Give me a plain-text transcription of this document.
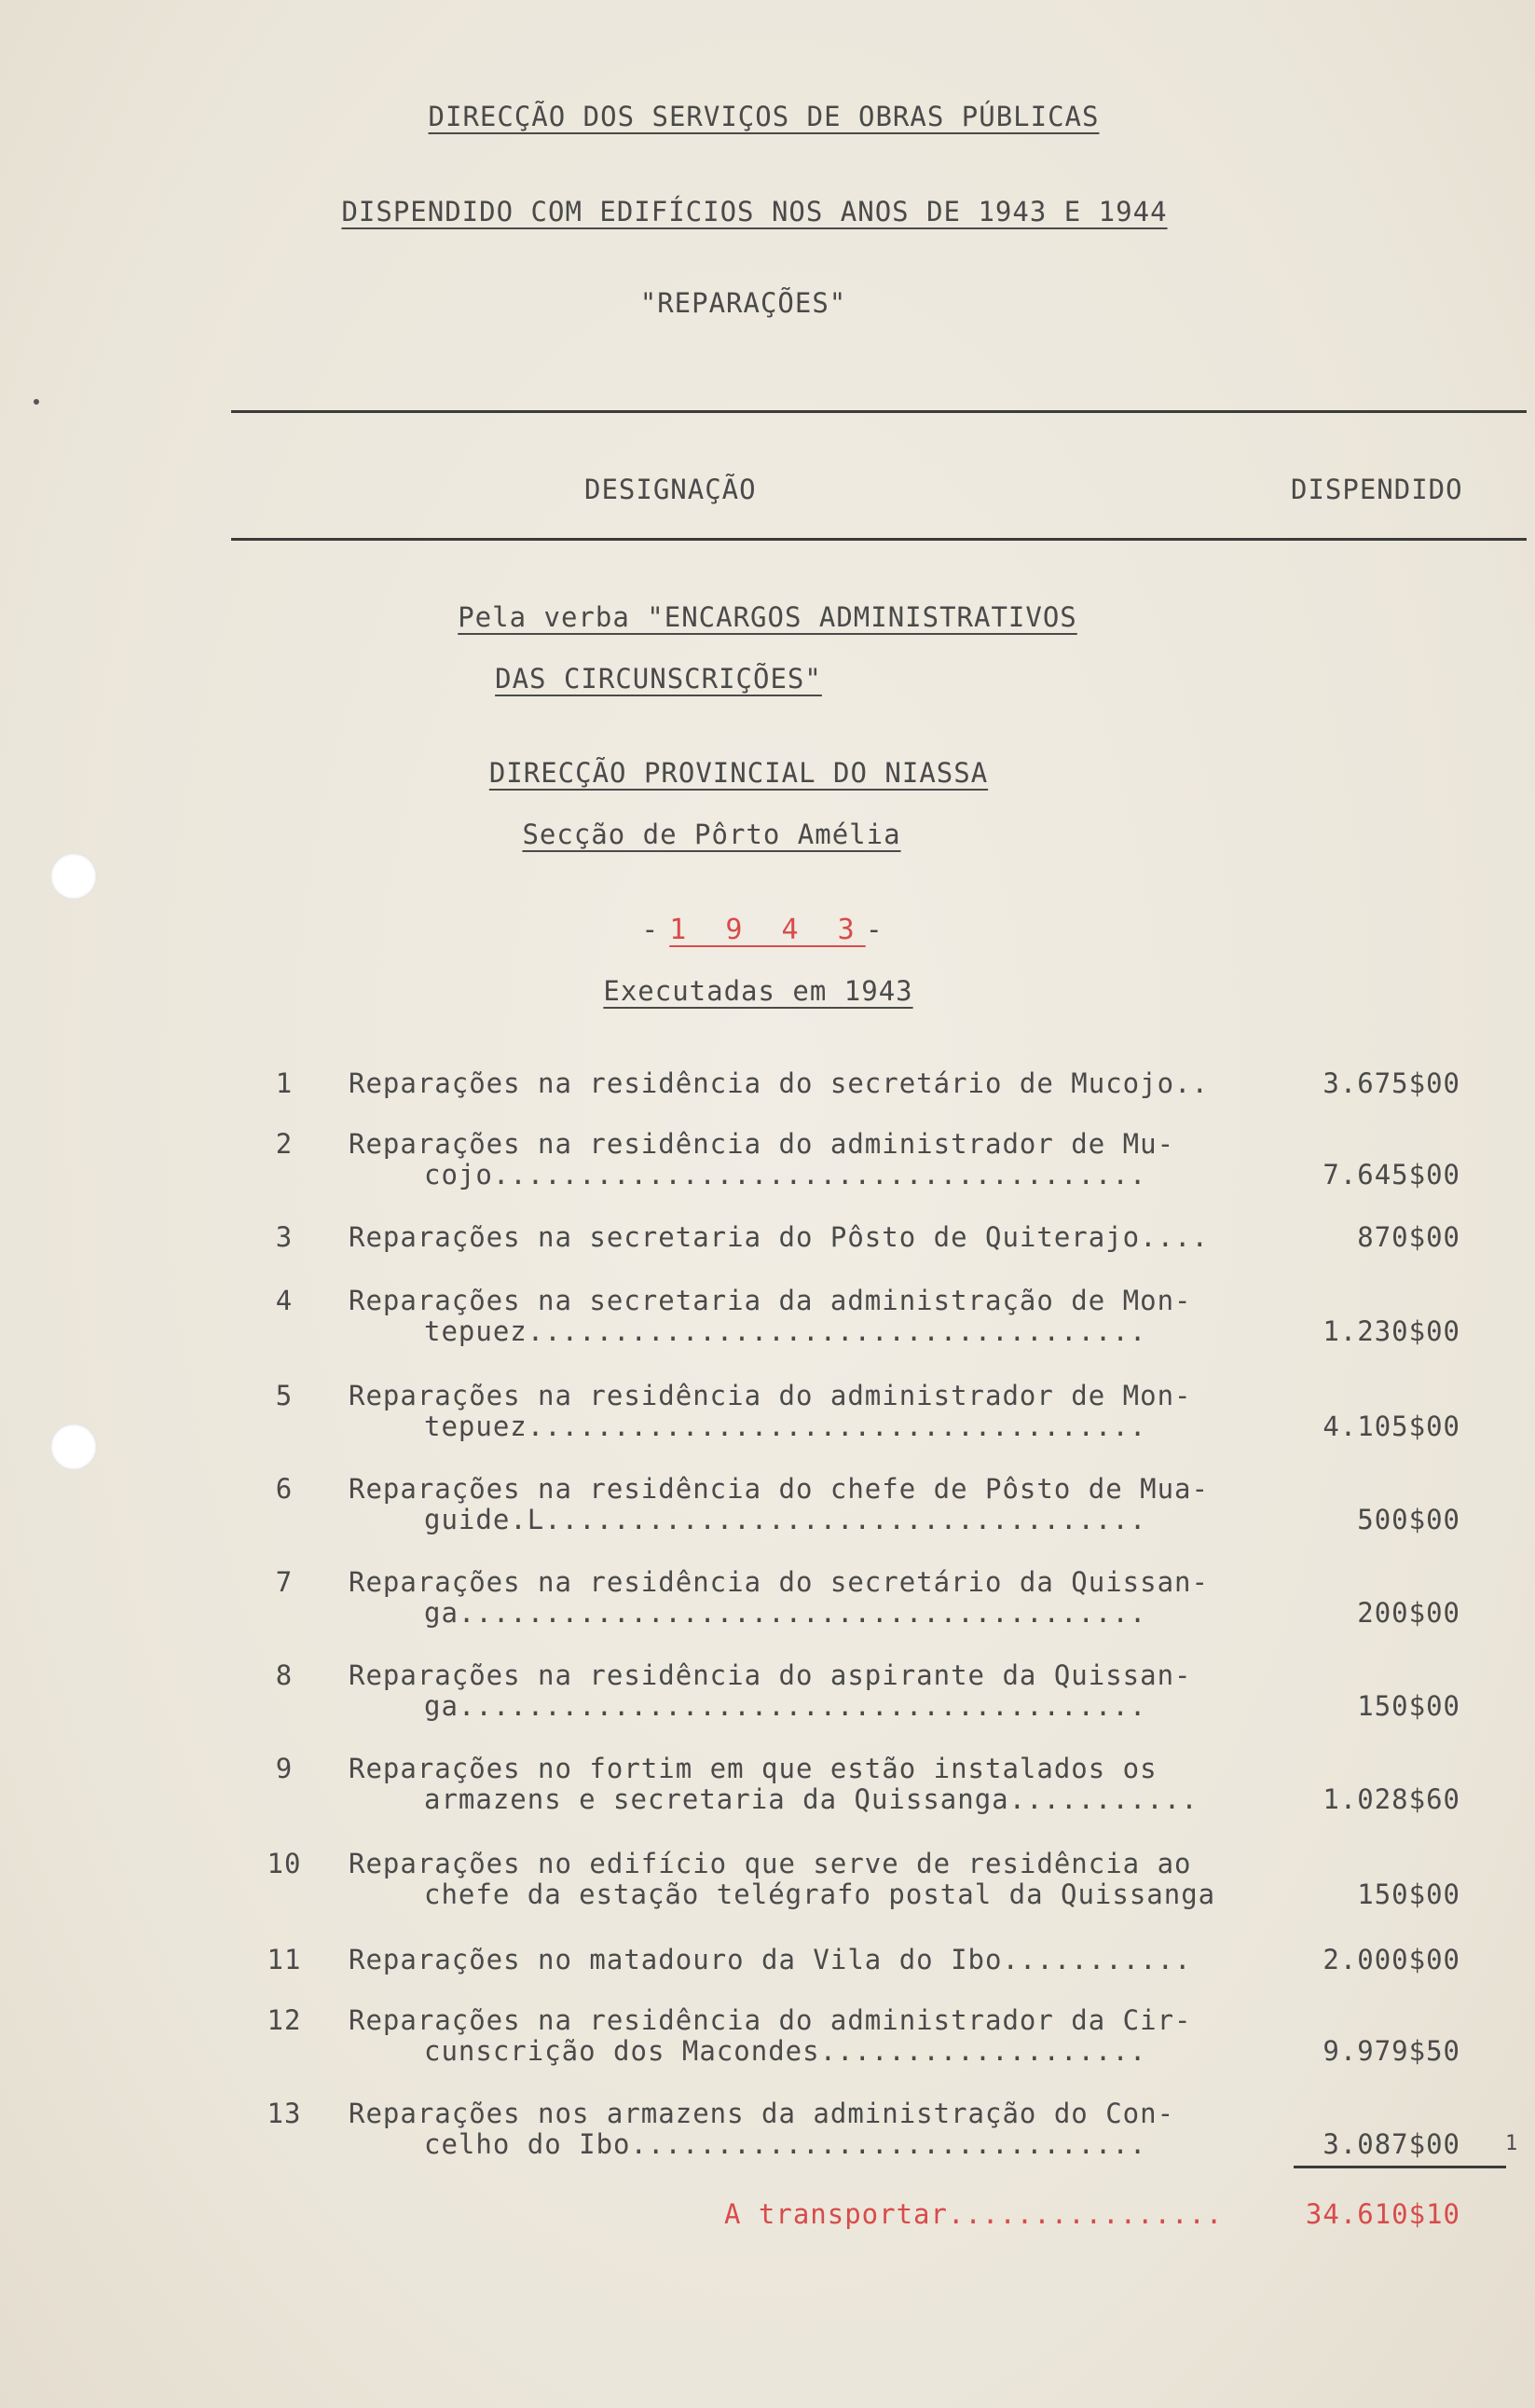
DIRECÇÃO DOS SERVIÇOS DE OBRAS PÚBLICAS
DISPENDIDO COM EDIFÍCIOS NOS ANOS DE 1943 E 1944
"REPARAÇÕES"
DESIGNAÇÃO	DISPENDIDO
Pela verba "ENCARGOS ADMINISTRATIVOS
DAS CIRCUNSCRIÇÕES"
DIRECÇÃO PROVINCIAL DO NIASSA
Secção de Pôrto Amélia
-1 9 4 3-
Executadas em 1943
1	Reparações na residência do secretário de Mucojo..	3.675$00
2	Reparações na residência do administrador de Mu-
cojo......................................	7.645$00
3	Reparações na secretaria do Pôsto de Quiterajo....	870$00
4	Reparações na secretaria da administração de Mon-
tepuez....................................	1.230$00
5	Reparações na residência do administrador de Mon-
tepuez....................................	4.105$00
6	Reparações na residência do chefe de Pôsto de Mua-
guide.L...................................	500$00
7	Reparações na residência do secretário da Quissan-
ga........................................	200$00
8	Reparações na residência do aspirante da Quissan-
ga........................................	150$00
9	Reparações no fortim em que estão instalados os
armazens e secretaria da Quissanga...........	1.028$60
10 Reparações no edifício que serve de residência ao
chefe da estação telégrafo postal da Quissanga	150$00
11 Reparações no matadouro da Vila do Ibo...........	2.000$00
12 Reparações na residência do administrador da Cir-
cunscrição dos Macondes...................	9.979$50
13 Reparações nos armazens da administração do Con-
celho do Ibo..............................	3.087$00 1
A transportar................	34.610$10
